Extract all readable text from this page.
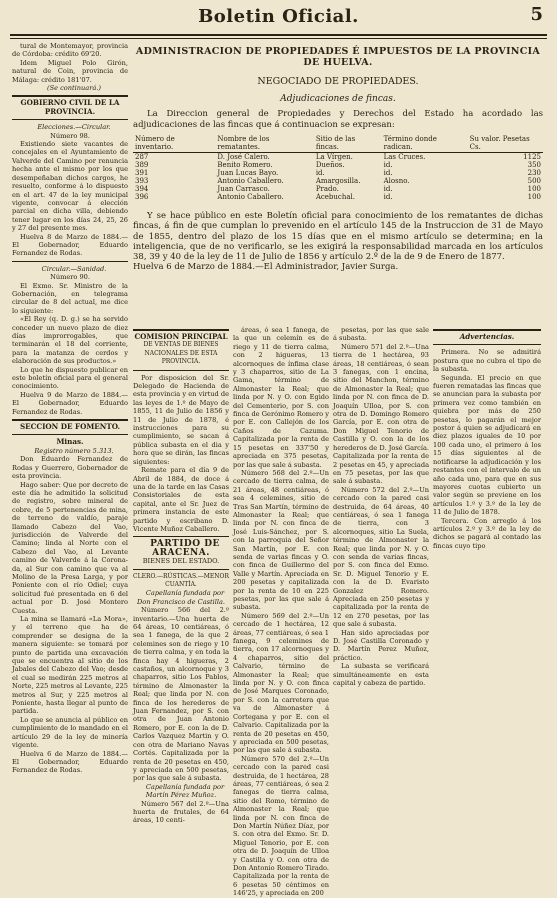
Boletin Oficial.	5

tural de Montemayor, provincia de Córdoba: crédito 69'20.

Idem Miguel Polo Girón, natural de Coin, provincia de Málaga: crédito 181'07.

(Se continuará.)

GOBIERNO CIVIL DE LA PROVINCIA.

Elecciones.—Circular.

Número 98.

Existiendo siete vacantes de concejales en el Ayuntamiento de Valverde del Camino por renuncia hecha ante el mismo por los que desempeñaban dichos cargos, he resuelto, conforme á lo dispuesto en el art. 47 de la ley municipal vigente, convocar á elección parcial en dicha villa, debiendo tener lugar en los días 24, 25, 26 y 27 del presente mes.

Huelva 8 de Marzo de 1884.—El Gobernador, Eduardo Fernandez de Rodas.

Circular.—Sanidad.

Número 90.

El Exmo. Sr. Ministro de la Gobernación, en telegrama circular de 8 del actual, me dice lo siguiente:

«El Rey (q. D. g.) se ha servido conceder un nuevo plazo de diez días improrrogables, que terminarán el 18 del corriente, para la matanza de cerdos y elaboración de sus productos.»

Lo que he dispuesto publicar en este boletín oficial para el general conocimiento.

Huelva 9 de Marzo de 1884.—El Gobernador, Eduardo Fernandez de Rodas.

SECCION DE FOMENTO.

Minas.

Registro número 5.313.

Don Eduardo Fernandez de Rodas y Guerrero, Gobernador de esta provincia.

Hago saber: Que por decreto de este día he admitido la solicitud de registro, sobre mineral de cobre, de 5 pertenencias de mina, de terreno de valdío, paraje llamado Cabezo del Vao, jurisdicción de Valverde del Camino; linda al Norte con el Cabezo del Vao, al Levante camino de Valverde á la Corona-da, al Sur con camino que va al Molino de la Presa Larga, y por Poniente con el río Odiel; cuya solicitud fué presentada en 6 del actual por D. José Montero Cuesta.

La mina se llamará «La Mora», y el terreno que ha de comprender se designa de la manera siguiente: se tomará por punto de partida una excavación que se encuentra al sitio de los Jabales del Cabezo del Vao; desde el cual se medirán 225 metros al Norte, 225 metros al Levante, 225 metros al Sur, y 225 metros al Poniente, hasta llegar al punto de partida.

Lo que se anuncia al público en cumplimiento de lo mandado en el artículo 29 de la ley de minería vigente.

Huelva 6 de Marzo de 1884.—El Gobernador, Eduardo Fernandez de Rodas.

ADMINISTRACION DE PROPIEDADES É IMPUESTOS DE LA PROVINCIA DE HUELVA.
NEGOCIADO DE PROPIEDADES.
Adjudicaciones de fincas.
La Direccion general de Propiedades y Derechos del Estado ha acordado las adjudicaciones de las fincas que á continuacion se expresan:
Número de inventario.	Nombre de los rematantes.	Sitio de las fincas.	Término donde radican.	Su valor. Pesetas Cs.
287	D. José Calero.	La Vírgen.	Las Cruces.	1125
389	Benito Romero.	Dueños.	id.	350
391	Juan Lucas Bayo.	id.	id.	230
393	Antonio Caballero.	Amargosilla.	Alosno.	500
394	Juan Carrasco.	Prado.	id.	100
396	Antonio Caballero.	Acebuchal.	id.	100
Y se hace público en este Boletín oficial para conocimiento de los rematantes de dichas fincas, á fin de que cumplan lo prevenido en el artículo 145 de la Instruccion de 31 de Mayo de 1855, dentro del plazo de los 15 días que en el mismo artículo se determina; en la inteligencia, que de no verificarlo, se les exigirá la responsabilidad marcada en los artículos 38, 39 y 40 de la ley de 11 de Julio de 1856 y artículo 2.º de la de 9 de Enero de 1877.
Huelva 6 de Marzo de 1884.—El Administrador, Javier Surga.

COMISION PRINCIPAL

DE VENTAS DE BIENES NACIONALES DE ESTA PROVINCIA.

Por disposicion del Sr. Delegado de Hacienda de esta provincia y en virtud de las leyes de 1.º de Mayo de 1855, 11 de Julio de 1856 y 11 de Julio de 1878, é instrucciones para su cumplimiento, se sacan á pública subasta en el dia y hora que se dirán, las fincas siguientes:

Remate para el día 9 de Abril de 1884, de doce á una de la tarde en las Casas Consistoriales de esta capital, ante el Sr. Juez de primera instancia de este partido y escribano D. Vicente Muñoz Caballero.

PARTIDO DE ARACENA.

BIENES DEL ESTADO.

CLERO.—RÚSTICAS.—MENOR CUANTÍA.

Capellanía fundada por Don Francisco de Castilla.

Número 566 del 2.º inventario.—Una huerta de 64 áreas, 10 centiáreas, ó sea 1 fanega, de la que 2 celemines son de riego y 10 de tierra calma, y en toda la finca hay 4 higueras, 2 castaños, un alcornoque y 3 chaparros, sitio Los Pablos, término de Almonaster la Real; que linda por N. con finca de los herederos de Juan Fernandez, por S. con otra de Juan Antonio Romero, por E. con la de D. Carlos Vazquez Martin y O. con otra de Mariano Navas Cortés. Capitalizada por la renta de 20 pesetas en 450, y apreciada en 500 pesetas, por las que sale á subasta.

Capellanía fundada por Martín Pérez Muñoz.

Número 567 del 2.º—Una huerta de frutales, de 64 áreas, 10 centi-

áreas, ó sea 1 fanega, de la que un celemín es de riego y 11 de tierra calma, con 2 higueras, 13 alcornoques de ínfima clase y 3 chaparros, sitio de La Gama, término de Almonaster la Real; que linda por N. y O. con Egido del Cementerio, por S. con finca de Gerónimo Romero y por E. con Callejón de los Caños de Cazuma. Capitalizada por la renta de 15 pesetas en 337'50 y apreciada en 375 pesetas, por las que sale á subasta.

Número 568 del 2.º—Un cercado de tierra calma, de 21 áreas, 48 centiáreas, ó sea 4 celemines, sitio de Tras San Martín, término de Almonaster la Real; que linda por N. con finca de José Luis-Sánchez, por S. con la parroquia del Señor San Martín, por E. con senda de varias fincas y O. con finca de Guillermo del Valle y Martín. Apreciada en 200 pesetas y capitalizada por la renta de 10 en 225 pesetas, por las que sale á subasta.

Número 569 del 2.º—Un cercado de 1 hectárea, 12 áreas, 77 centiáreas, ó sea 1 fanega, 9 celemines de tierra, con 17 alcornoques y 4 chaparros, sitio del Calvario, término de Almonaster la Real; que linda por N. y O. con finca de José Marques Coronado, por S. con la carretera que va de Almonaster á Cortegana y por E. con el Calvario. Capitalizada por la renta de 20 pesetas en 450, y apreciada en 500 pesetas, por las que sale á subasta.

Número 570 del 2.º—Un cercado con la pared casi destruida, de 1 hectárea, 28 áreas, 77 centiáreas, ó sea 2 fanegas de tierra calma, sitio del Romo, término de Almonaster la Real; que linda por N. con finca de Don Martín Núñez Díaz, por S. con otra del Exmo. Sr. D. Miguel Tenorio, por E. con otra de D. Joaquín de Ulloa y Castilla y O. con otra de Don Antonio Romero Tirado. Capitalizada por la renta de 6 pesetas 50 céntimos en 146'25, y apreciada en 200

pesetas, por las que sale á subasta.

Número 571 del 2.º—Una tierra de 1 hectárea, 93 áreas, 18 centiáreas, ó sean 3 fanegas, con 1 encina, sitio del Manchon, término de Almonaster la Real; que linda por N. con finca de D. Joaquín Ulloa, por S. con otra de D. Domingo Romero García, por E. con otra de Don Miguel Tenorio de Castilla y O. con la de los herederos de D. José García. Capitalizada por la renta de 2 pesetas en 45, y apreciada en 75 pesetas, por las que sale á subasta.

Número 572 del 2.º—Un cercado con la pared casi destruida, de 64 áreas, 40 centiáreas, ó sea 1 fanega de tierra, con 3 alcornoques, sitio La Suela, término de Almonaster la Real; que linda por N. y O. con senda de varias fincas, por S. con finca del Exmo. Sr. D. Miguel Tenorio y E. con la de D. Evaristo Gonzalez Romero. Apreciada en 250 pesetas y capitalizada por la renta de 12 en 270 pesetas, por las que sale á subasta.

Han sido apreciadas por D. José Castilla Coronado y D. Martín Perez Muñoz, práctico.

La subasta se verificará simultáneamente en esta capital y cabeza de partido.

Advertencias.

Primera. No se admitirá postura que no cubra el tipo de la subasta.

Segunda. El precio en que fueren rematadas las fincas que se anuncian para la subasta por primera vez como también en quiebra por más de 250 pesetas, lo pagarán el mejor postor á quien se adjudicará en diez plazos iguales de 10 por 100 cada uno, el primero á los 15 días siguientes al de notificarse la adjudicación y los restantes con el intervalo de un año cada uno, para que en sus mayores cuotas cubierto un valor según se previene en los artículos 1.º y 3.º de la ley de 11 de Julio de 1878.

Tercera. Con arreglo á los artículos 2.º y 3.º de la ley de dichos se pagará al contado las fincas cuyo tipo
